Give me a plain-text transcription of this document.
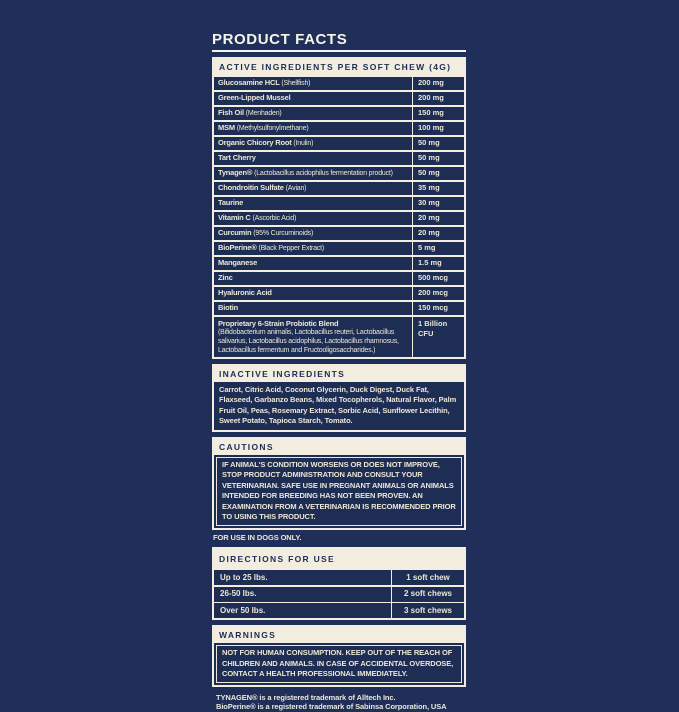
PRODUCT FACTS
ACTIVE INGREDIENTS PER SOFT CHEW (4G)
Glucosamine HCL (Shellfish)	200 mg
Green-Lipped Mussel	200 mg
Fish Oil (Menhaden)	150 mg
MSM (Methylsulfonylmethane)	100 mg
Organic Chicory Root (Inulin)	50 mg
Tart Cherry	50 mg
Tynagen® (Lactobacillus acidophilus fermentation product)	50 mg
Chondroitin Sulfate (Avian)	35 mg
Taurine	30 mg
Vitamin C (Ascorbic Acid)	20 mg
Curcumin (95% Curcuminoids)	20 mg
BioPerine® (Black Pepper Extract)	5 mg
Manganese	1.5 mg
Zinc	500 mcg
Hyaluronic Acid	200 mcg
Biotin	150 mcg
Proprietary 6-Strain Probiotic Blend
(Bifidobacterium animalis, Lactobacillus reuteri, Lactobacillus salivarius, Lactobacillus acidophilus, Lactobacillus rhamnosus, Lactobacillus fermentum and Fructooligosaccharides.)
1 Billion CFU
INACTIVE INGREDIENTS
Carrot, Citric Acid, Coconut Glycerin, Duck Digest, Duck Fat, Flaxseed, Garbanzo Beans, Mixed Tocopherols, Natural Flavor, Palm Fruit Oil, Peas, Rosemary Extract, Sorbic Acid, Sunflower Lecithin, Sweet Potato, Tapioca Starch, Tomato.
CAUTIONS
IF ANIMAL'S CONDITION WORSENS OR DOES NOT IMPROVE, STOP PRODUCT ADMINISTRATION AND CONSULT YOUR VETERINARIAN. SAFE USE IN PREGNANT ANIMALS OR ANIMALS INTENDED FOR BREEDING HAS NOT BEEN PROVEN. AN EXAMINATION FROM A VETERINARIAN IS RECOMMENDED PRIOR TO USING THIS PRODUCT.
FOR USE IN DOGS ONLY.
DIRECTIONS FOR USE
Up to 25 lbs.	1 soft chew
26-50 lbs.	2 soft chews
Over 50 lbs.	3 soft chews
WARNINGS
NOT FOR HUMAN CONSUMPTION. KEEP OUT OF THE REACH OF CHILDREN AND ANIMALS. IN CASE OF ACCIDENTAL OVERDOSE, CONTACT A HEALTH PROFESSIONAL IMMEDIATELY.
TYNAGEN® is a registered trademark of Alltech Inc.
BioPerine® is a registered trademark of Sabinsa Corporation, USA
